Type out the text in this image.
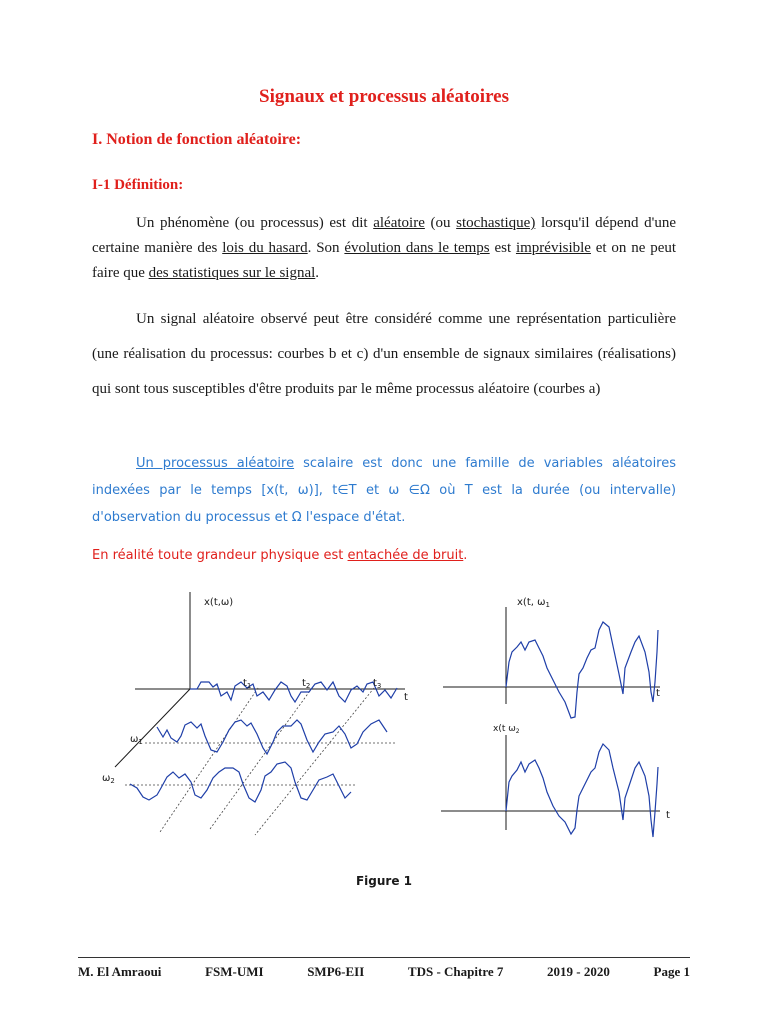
Signaux et processus aléatoires
I. Notion de fonction aléatoire:
I-1 Définition:
Un phénomène (ou processus) est dit aléatoire (ou stochastique) lorsqu'il dépend d'une certaine manière des lois du hasard. Son évolution dans le temps est imprévisible et on ne peut faire que des statistiques sur le signal.
Un signal aléatoire observé peut être considéré comme une représentation particulière (une réalisation du processus: courbes b et c) d'un ensemble de signaux similaires (réalisations) qui sont tous susceptibles d'être produits par le même processus aléatoire (courbes a)
Un processus aléatoire scalaire est donc une famille de variables aléatoires indexées par le temps [x(t, ω)], t∈T et ω ∈Ω où T est la durée (ou intervalle) d'observation du processus et Ω l'espace d'état.
En réalité toute grandeur physique est entachée de bruit.
x(t,ω)
$t_1$	$t_2$	$t_3$
t
$\omega_1$
$\omega_2$
x(t, $\omega_1$
t
x(t $\omega_2$
t
Figure 1
M. El Amraoui	FSM-UMI	SMP6-EII	TDS - Chapitre 7	2019 - 2020	Page 1
